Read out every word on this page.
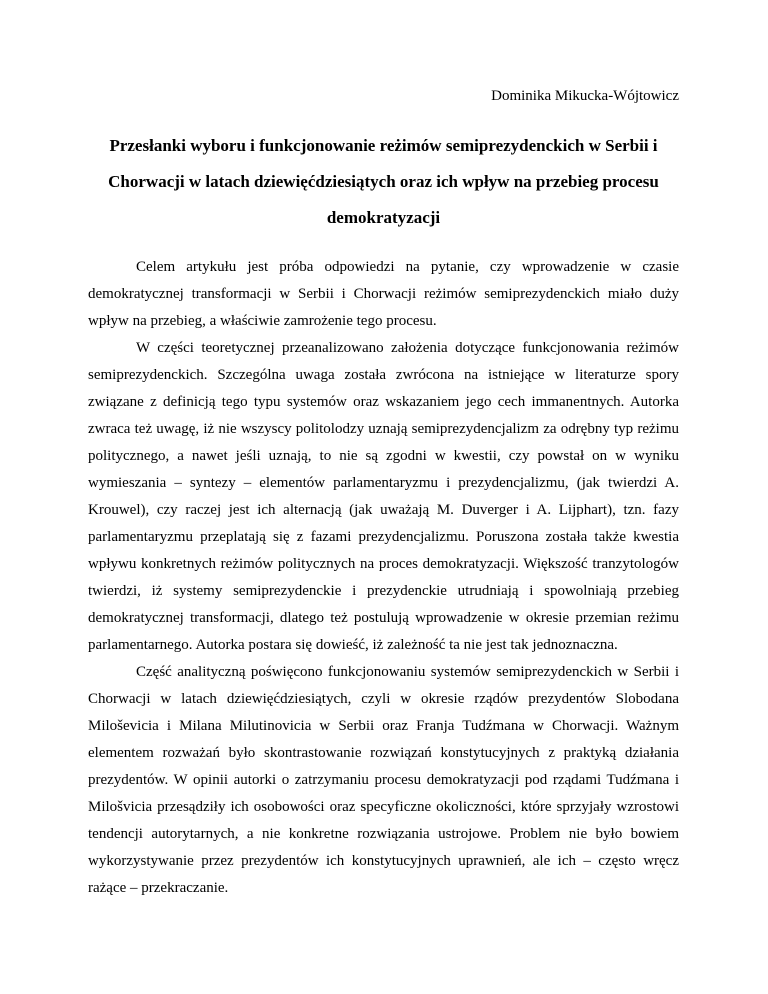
Dominika Mikucka-Wójtowicz
Przesłanki wyboru i funkcjonowanie reżimów semiprezydenckich w Serbii i Chorwacji w latach dziewięćdziesiątych oraz ich wpływ na przebieg procesu demokratyzacji

Celem artykułu jest próba odpowiedzi na pytanie, czy wprowadzenie w czasie demokratycznej transformacji w Serbii i Chorwacji reżimów semiprezydenckich miało duży wpływ na przebieg, a właściwie zamrożenie tego procesu.

W części teoretycznej przeanalizowano założenia dotyczące funkcjonowania reżimów semiprezydenckich. Szczególna uwaga została zwrócona na istniejące w literaturze spory związane z definicją tego typu systemów oraz wskazaniem jego cech immanentnych. Autorka zwraca też uwagę, iż nie wszyscy politolodzy uznają semiprezydencjalizm za odrębny typ reżimu politycznego, a nawet jeśli uznają, to nie są zgodni w kwestii, czy powstał on w wyniku wymieszania – syntezy – elementów parlamentaryzmu i prezydencjalizmu, (jak twierdzi A. Krouwel), czy raczej jest ich alternacją (jak uważają M. Duverger i A. Lijphart), tzn. fazy parlamentaryzmu przeplatają się z fazami prezydencjalizmu. Poruszona została także kwestia wpływu konkretnych reżimów politycznych na proces demokratyzacji. Większość tranzytologów twierdzi, iż systemy semiprezydenckie i prezydenckie utrudniają i spowolniają przebieg demokratycznej transformacji, dlatego też postulują wprowadzenie w okresie przemian reżimu parlamentarnego. Autorka postara się dowieść, iż zależność ta nie jest tak jednoznaczna.

Część analityczną poświęcono funkcjonowaniu systemów semiprezydenckich w Serbii i Chorwacji w latach dziewięćdziesiątych, czyli w okresie rządów prezydentów Slobodana Miloševicia i Milana Milutinovicia w Serbii oraz Franja Tudźmana w Chorwacji. Ważnym elementem rozważań było skontrastowanie rozwiązań konstytucyjnych z praktyką działania prezydentów. W opinii autorki o zatrzymaniu procesu demokratyzacji pod rządami Tudźmana i Milošvicia przesądziły ich osobowości oraz specyficzne okoliczności, które sprzyjały wzrostowi tendencji autorytarnych, a nie konkretne rozwiązania ustrojowe. Problem nie było bowiem wykorzystywanie przez prezydentów ich konstytucyjnych uprawnień, ale ich – często wręcz rażące – przekraczanie.
